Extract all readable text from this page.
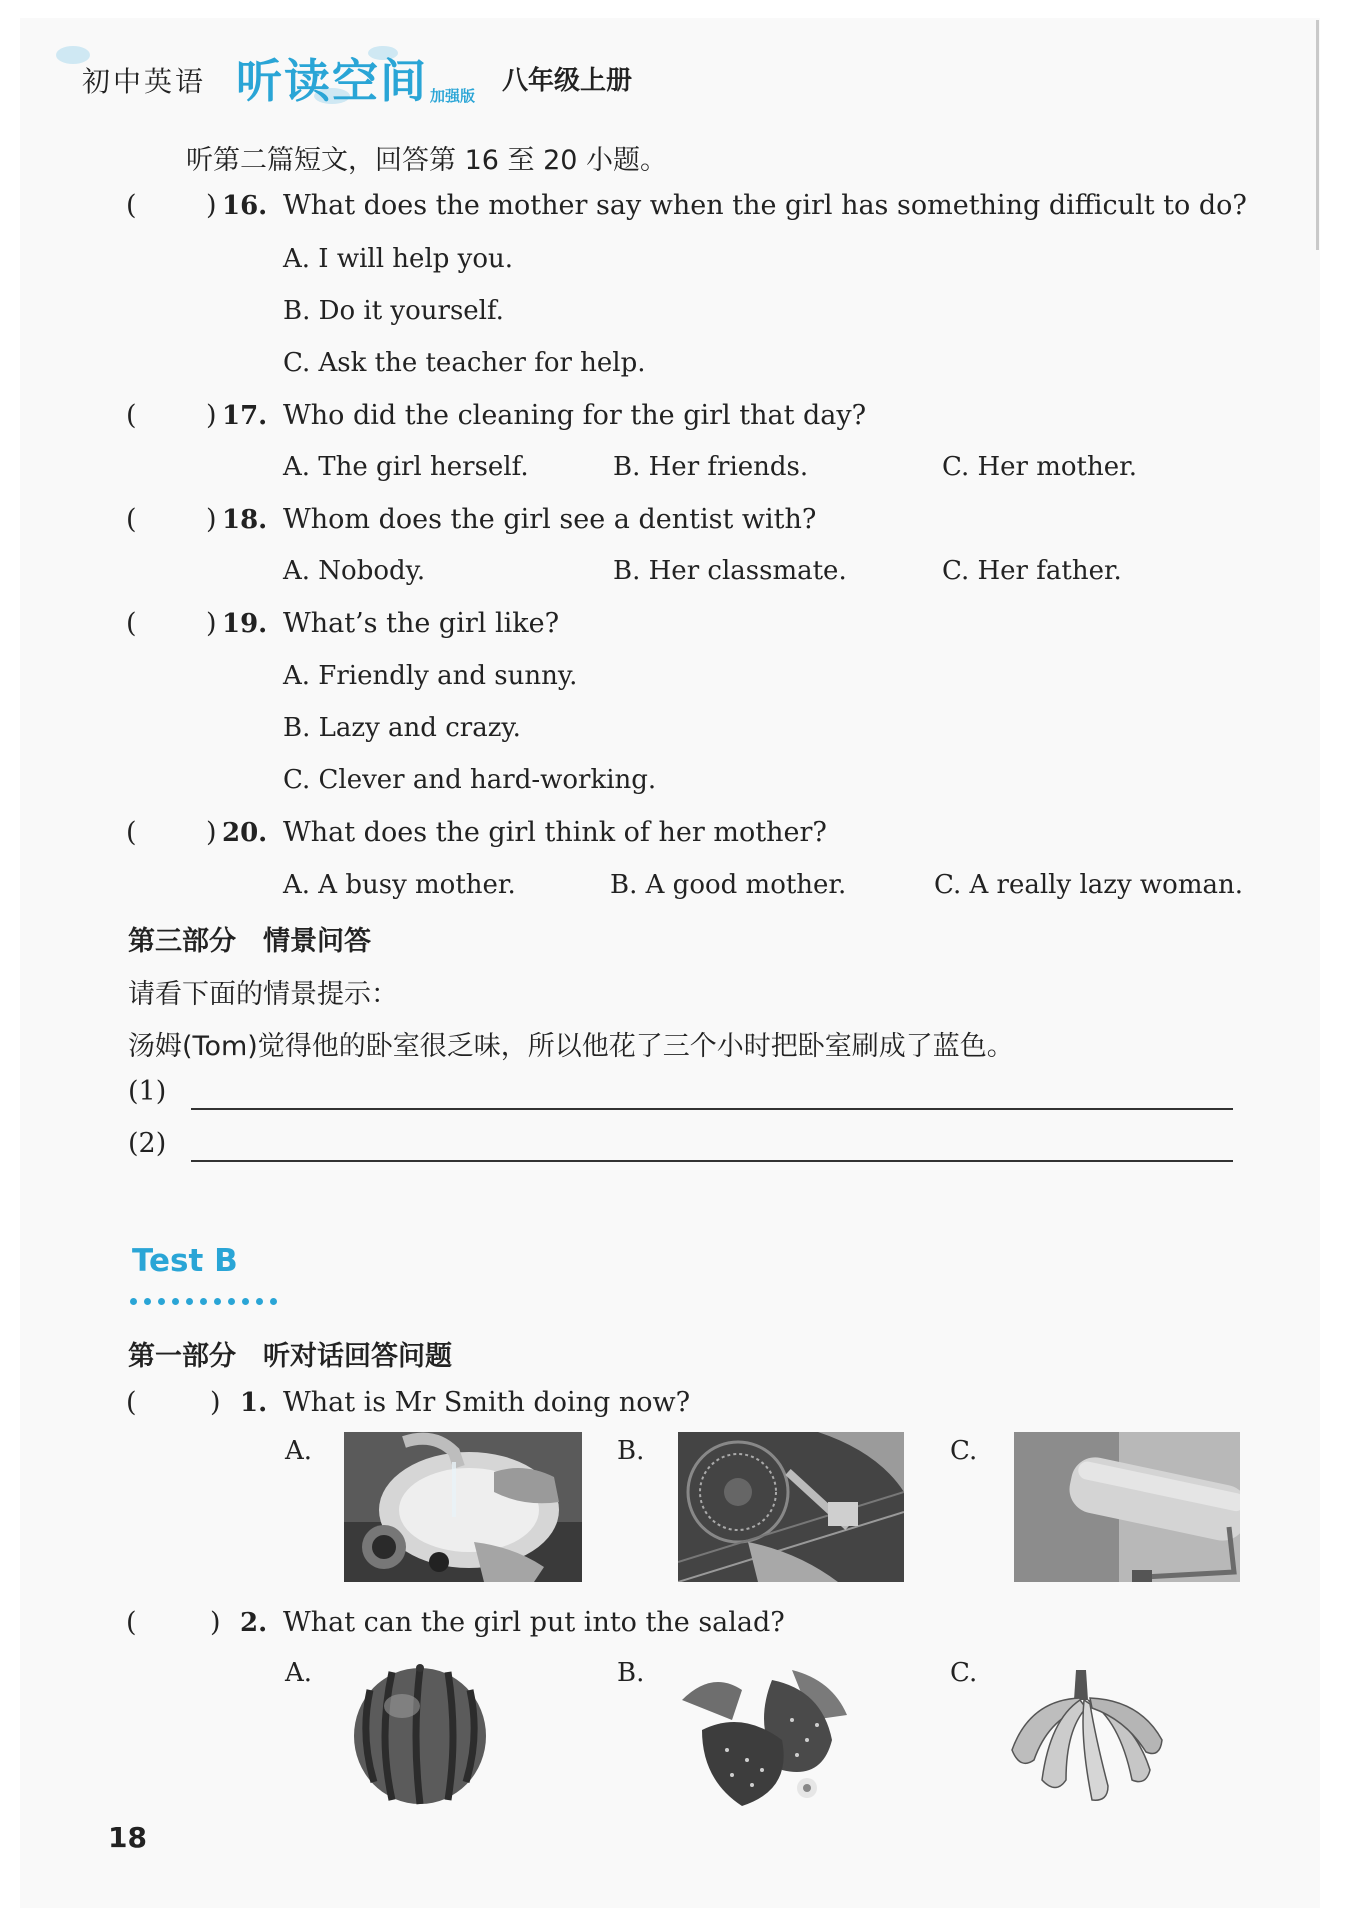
初中英语 听读空间 加强版 八年级上册
听第二篇短文，回答第 16 至 20 小题。
(	) 16. What does the mother say when the girl has something difficult to do?
A. I will help you.
B. Do it yourself.
C. Ask the teacher for help.
(	) 17. Who did the cleaning for the girl that day?
A. The girl herself.	B. Her friends.	C. Her mother.
(	) 18. Whom does the girl see a dentist with?
A. Nobody.	B. Her classmate.	C. Her father.
(	) 19. What’s the girl like?
A. Friendly and sunny.
B. Lazy and crazy.
C. Clever and hard-working.
(	) 20. What does the girl think of her mother?
A. A busy mother.	B. A good mother.	C. A really lazy woman.
第三部分　情景问答
请看下面的情景提示：
汤姆(Tom)觉得他的卧室很乏味，所以他花了三个小时把卧室刷成了蓝色。
(1)
(2)
Test B
第一部分　听对话回答问题
(	) 1. What is Mr Smith doing now?
A.	B.	C.
(	) 2. What can the girl put into the salad?
A.	B.	C.
18
